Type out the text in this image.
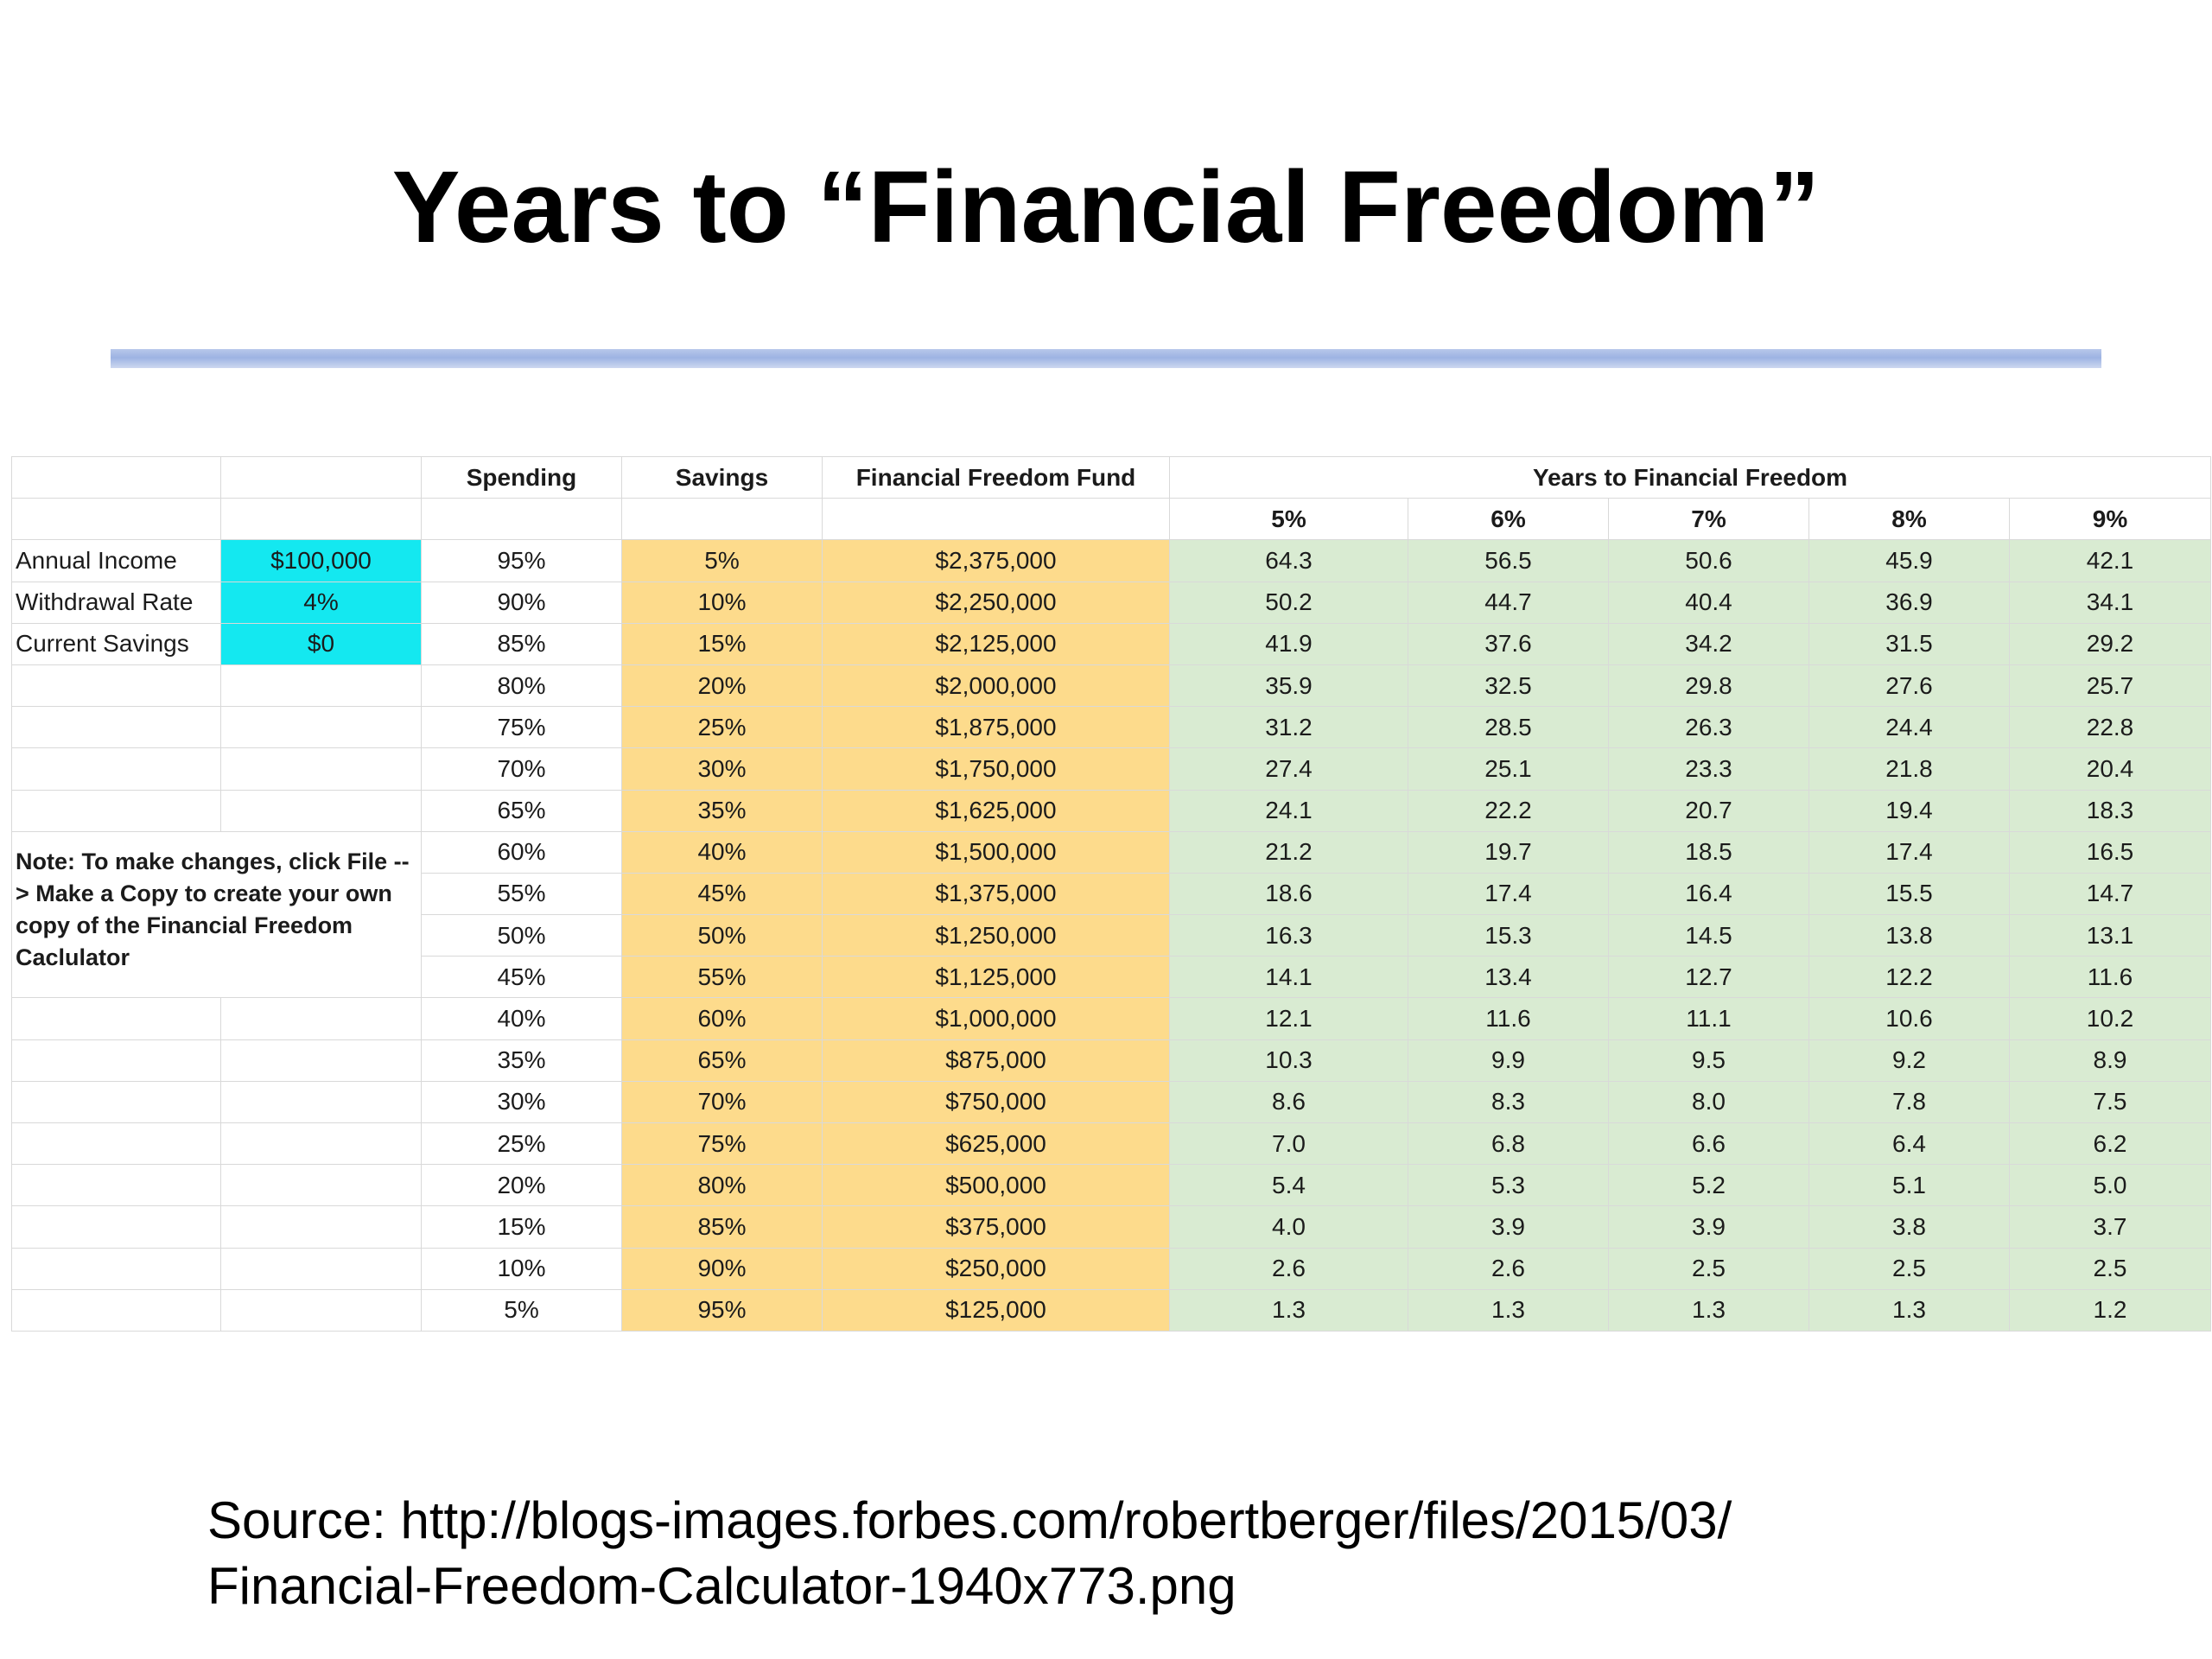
Years to “Financial Freedom”
		Spending	Savings	Financial Freedom Fund	Years to Financial Freedom				
					5%	6%	7%	8%	9%
Annual Income	$100,000	95%	5%	$2,375,000	64.3	56.5	50.6	45.9	42.1
Withdrawal Rate	4%	90%	10%	$2,250,000	50.2	44.7	40.4	36.9	34.1
Current Savings	$0	85%	15%	$2,125,000	41.9	37.6	34.2	31.5	29.2
		80%	20%	$2,000,000	35.9	32.5	29.8	27.6	25.7
		75%	25%	$1,875,000	31.2	28.5	26.3	24.4	22.8
		70%	30%	$1,750,000	27.4	25.1	23.3	21.8	20.4
		65%	35%	$1,625,000	24.1	22.2	20.7	19.4	18.3
Note: To make changes, click File --> Make a Copy to create your own copy of the Financial Freedom Caclulator		60%	40%	$1,500,000	21.2	19.7	18.5	17.4	16.5
		55%	45%	$1,375,000	18.6	17.4	16.4	15.5	14.7
		50%	50%	$1,250,000	16.3	15.3	14.5	13.8	13.1
		45%	55%	$1,125,000	14.1	13.4	12.7	12.2	11.6
		40%	60%	$1,000,000	12.1	11.6	11.1	10.6	10.2
		35%	65%	$875,000	10.3	9.9	9.5	9.2	8.9
		30%	70%	$750,000	8.6	8.3	8.0	7.8	7.5
		25%	75%	$625,000	7.0	6.8	6.6	6.4	6.2
		20%	80%	$500,000	5.4	5.3	5.2	5.1	5.0
		15%	85%	$375,000	4.0	3.9	3.9	3.8	3.7
		10%	90%	$250,000	2.6	2.6	2.5	2.5	2.5
		5%	95%	$125,000	1.3	1.3	1.3	1.3	1.2
Source: http://blogs-images.forbes.com/robertberger/files/2015/03/
Financial-Freedom-Calculator-1940x773.png
